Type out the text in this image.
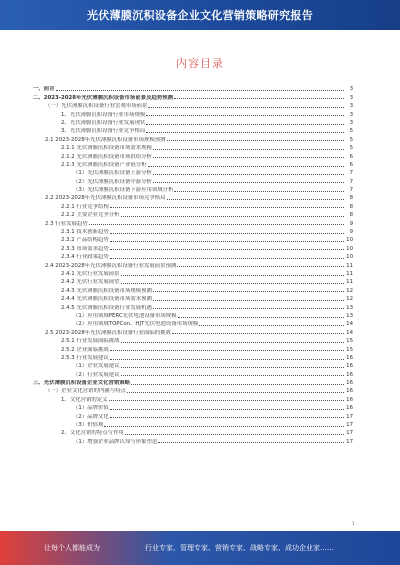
光伏薄膜沉积设备企业文化营销策略研究报告
内容目录
一、前言	3
二、2023-2028年光伏薄膜沉积设备市场前景及趋势预测	3
（一）光伏薄膜沉积设备行业宏观市场前景	3
1、光伏薄膜沉积设备行业市场规模	3
2、光伏薄膜沉积设备行业发展现状	3
3、光伏薄膜沉积设备行业竞争格局	5
2.1 2023-2028年光伏薄膜沉积设备市场规模预测	5
2.1.1 光伏薄膜沉积设备市场需求规模	5
2.1.2 光伏薄膜沉积设备市场供给分析	6
2.1.3 光伏薄膜沉积设备产业链分析	6
（1）光伏薄膜沉积设备上游分析	7
（2）光伏薄膜沉积设备中游分析	7
（3）光伏薄膜沉积设备下游应用领域分析	7
2.2 2023-2028年光伏薄膜沉积设备市场竞争格局	8
2.2.1 行业竞争结构	8
2.2.2 主要企业竞争分析	8
2.3 行业发展趋势	9
2.3.1 技术创新趋势	9
2.3.2 产品结构趋势	10
2.3.3 市场需求趋势	10
2.3.4 行业政策趋势	10
2.4 2023-2028年光伏薄膜沉积设备行业发展前景预测	11
2.4.1 光伏行业发展前景	11
2.4.2 光伏行业发展展望	11
2.4.3 光伏薄膜沉积设备市场规模预测	12
2.4.4 光伏薄膜沉积设备市场需求预测	12
2.4.5 光伏薄膜沉积设备行业发展机遇	13
（1）应用领域PERC光伏电池设备市场规模	13
（2）应用领域TOPCon、HJT光伏电池设备市场规模	14
2.5 2023-2028年光伏薄膜沉积设备行业面临的挑战	14
2.5.1 行业发展面临挑战	15
2.5.2 企业面临挑战	15
2.5.3 行业发展建议	16
（1）企业发展建议	16
（2）行业发展建议	16
三、光伏薄膜沉积设备企业文化营销策略	16
（一）企业文化营销的内涵与特点	16
1、文化营销的定义	16
（1）品牌价值	16
（2）品牌文化	17
（3）价值观	17
2、文化营销的特点与作用	17
（1）增强企业品牌认知与形象塑造	17
1
让每个人都能成为	行业专家、管理专家、营销专家、战略专家、成功企业家……
